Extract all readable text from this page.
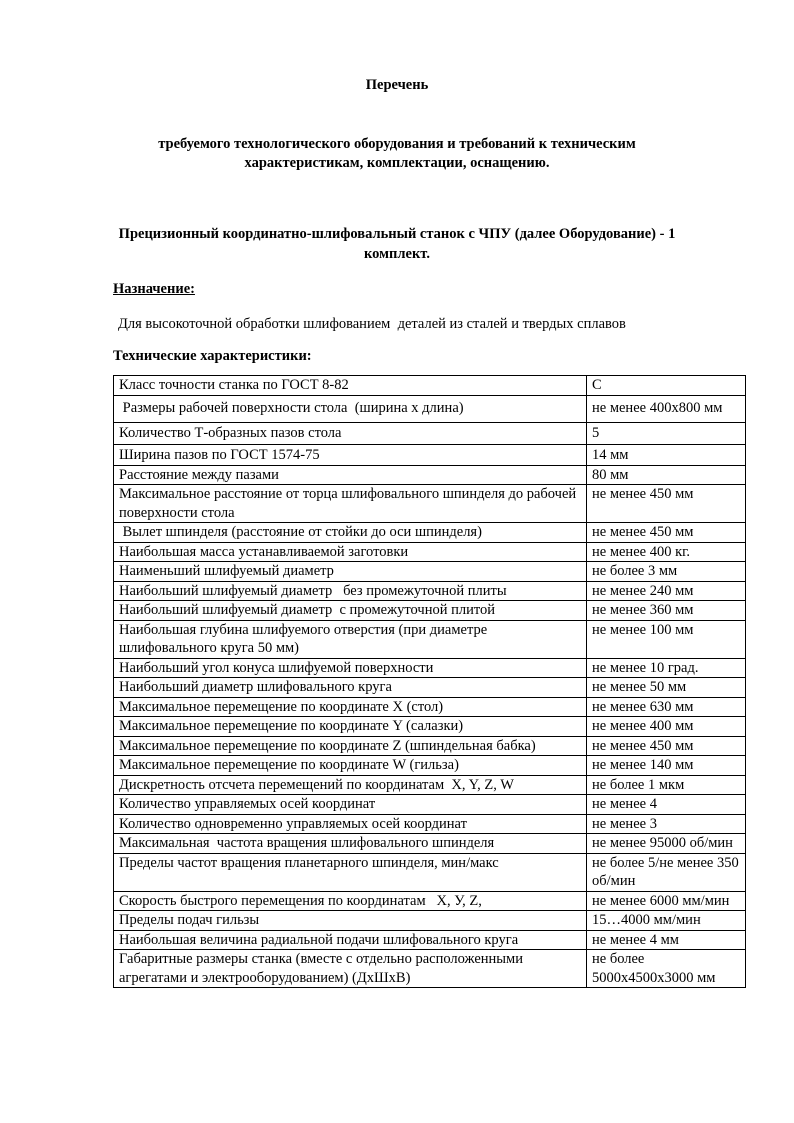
Перечень
требуемого технологического оборудования и требований к техническим
характеристикам, комплектации, оснащению.
Прецизионный координатно-шлифовальный станок с ЧПУ (далее Оборудование) - 1
комплект.
Назначение:
Для высокоточной обработки шлифованием  деталей из сталей и твердых сплавов
Технические характеристики:
Класс точности станка по ГОСТ 8-82	С
Размеры рабочей поверхности стола  (ширина х длина)	не менее 400х800 мм
Количество Т-образных пазов стола	5
Ширина пазов по ГОСТ 1574-75	14 мм
Расстояние между пазами	80 мм
Максимальное расстояние от торца шлифовального шпинделя до рабочей поверхности стола	не менее 450 мм
Вылет шпинделя (расстояние от стойки до оси шпинделя)	не менее 450 мм
Наибольшая масса устанавливаемой заготовки	не менее 400 кг.
Наименьший шлифуемый диаметр	не более 3 мм
Наибольший шлифуемый диаметр   без промежуточной плиты	не менее 240 мм
Наибольший шлифуемый диаметр  с промежуточной плитой	не менее 360 мм
Наибольшая глубина шлифуемого отверстия (при диаметре  шлифовального круга 50 мм)	не менее 100 мм
Наибольший угол конуса шлифуемой поверхности	не менее 10 град.
Наибольший диаметр шлифовального круга	не менее 50 мм
Максимальное перемещение по координате X (стол)	не менее 630 мм
Максимальное перемещение по координате Y (салазки)	не менее 400 мм
Максимальное перемещение по координате Z (шпиндельная бабка)	не менее 450 мм
Максимальное перемещение по координате W (гильза)	не менее 140 мм
Дискретность отсчета перемещений по координатам  X, Y, Z, W	не более 1 мкм
Количество управляемых осей координат	не менее 4
Количество одновременно управляемых осей координат	не менее 3
Максимальная  частота вращения шлифовального шпинделя	не менее 95000 об/мин
Пределы частот вращения планетарного шпинделя, мин/макс	не более 5/не менее 350 об/мин
Скорость быстрого перемещения по координатам   X, У, Z,	не менее 6000 мм/мин
Пределы подач гильзы	15…4000 мм/мин
Наибольшая величина радиальной подачи шлифовального круга	не менее 4 мм
Габаритные размеры станка (вместе с отдельно расположенными агрегатами и электрооборудованием) (ДхШхВ)	не более 5000х4500х3000 мм
